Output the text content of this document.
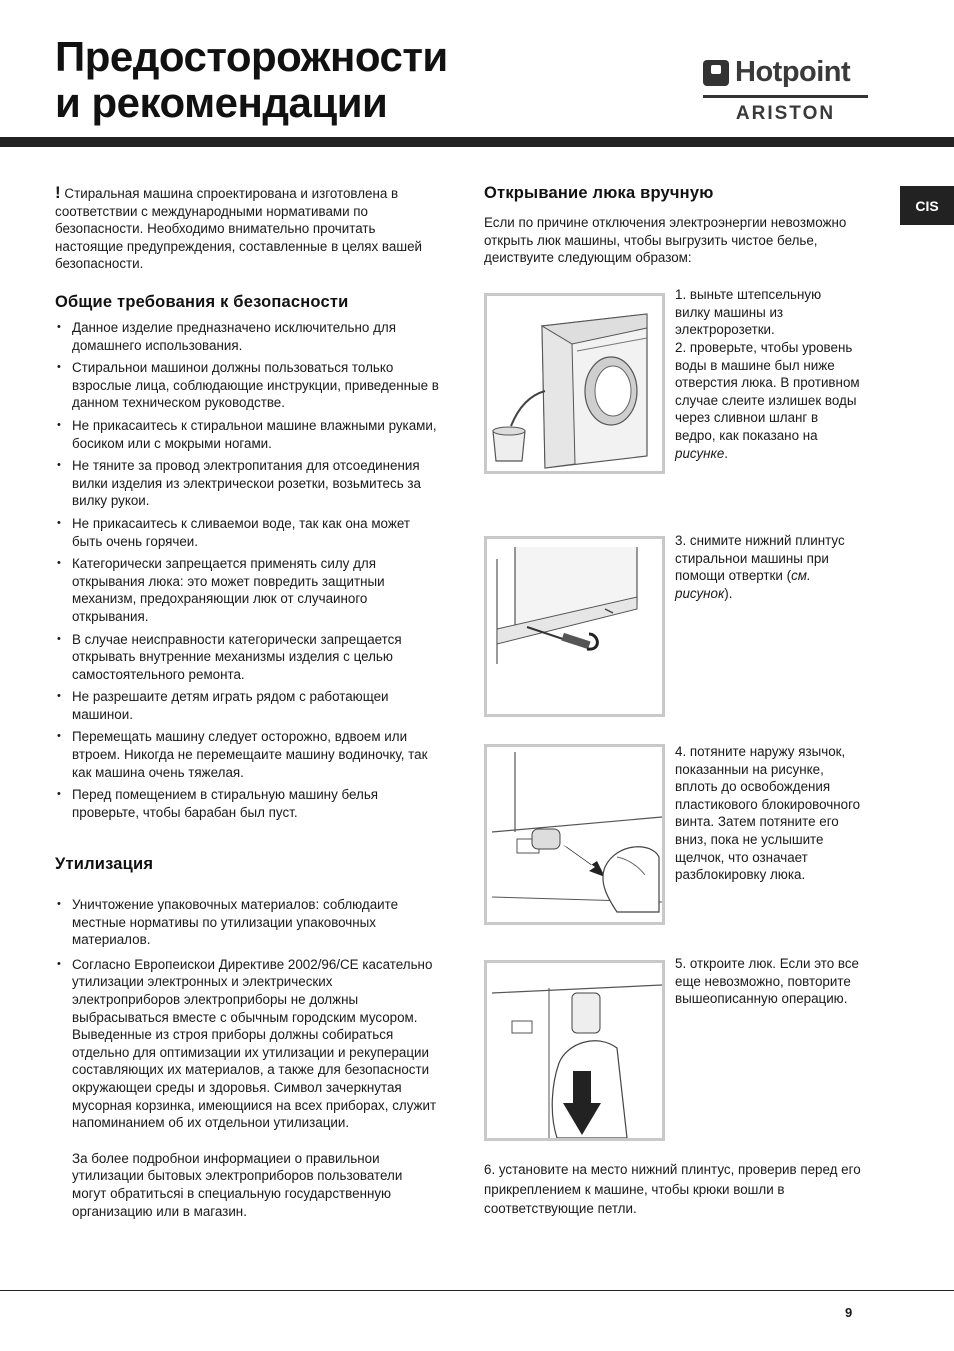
Предосторожности
и рекомендации
Hotpoint
ARISTON
CIS

! Стиральная машина спроектирована и изготовлена в соответствии с международными нормативами по безопасности. Необходимо внимательно прочитать настоящие предупреждения, составленные в целях вашей безопасности.

Общие требования к безопасности
• Данное изделие предназначено исключительно для домашнего использования.
• Стиральнои машинои должны пользоваться только взрослые лица, соблюдающие инструкции, приведенные в данном техническом руководстве.
• Не прикасаитесь к стиральнои машине влажными руками, босиком или с мокрыми ногами.
• Не тяните за провод электропитания для отсоединения вилки изделия из электрическои розетки, возьмитесь за вилку рукои.
• Не прикасаитесь к сливаемои воде, так как она может быть очень горячеи.
• Категорически запрещается применять силу для открывания люка: это может повредить защитныи механизм, предохраняющии люк от случаиного открывания.
• В случае неисправности категорически запрещается открывать внутренние механизмы изделия с целью самостоятельного ремонта.
• Не разрешаите детям играть рядом с работающеи машинои.
• Перемещать машину следует осторожно, вдвоем или втроем. Никогда не перемещаите машину водиночку, так как машина очень тяжелая.
• Перед помещением в стиральную машину белья проверьте, чтобы барабан был пуст.
Утилизация
• Уничтожение упаковочных материалов: соблюдаите местные нормативы по утилизации упаковочных материалов.
• Согласно Европеискои Директиве 2002/96/CE касательно утилизации электронных и электрических электроприборов электроприборы не должны выбрасываться вместе с обычным городским мусором. Выведенные из строя приборы должны собираться отдельно для оптимизации их утилизации и рекуперации составляющих их материалов, а также для безопасности окружающеи среды и здоровья. Символ зачеркнутая мусорная корзинка, имеющиися на всех приборах, служит напоминанием об их отдельнои утилизации.
За более подробнои информациеи о правильнои утилизации бытовых электроприборов пользователи могут обратитьсяі в специальную государственную организацию или в магазин.
Открывание люка вручную

Если по причине отключения электроэнергии невозможно открыть люк машины, чтобы выгрузить чистое белье, деиствуите следующим образом:

1. выньте штепсельную вилку машины из электророзетки.

2. проверьте, чтобы уровень воды в машине был ниже отверстия люка. В противном случае слеите излишек воды через сливнои шланг в ведро, как показано на рисунке.

3. снимите нижний плинтус стиральнои машины при помощи отвертки (см. рисунок).

4. потяните наружу язычок, показанныи на рисунке, вплоть до освобождения пластикового блокировочного винта. Затем потяните его вниз, пока не услышите щелчок, что означает разблокировку люка.

5. откроите люк. Если это все еще невозможно, повторите вышеописанную операцию.

6. установите на место нижний плинтус, проверив перед его прикреплением к машине, чтобы крюки вошли в соответствующие петли.

9
